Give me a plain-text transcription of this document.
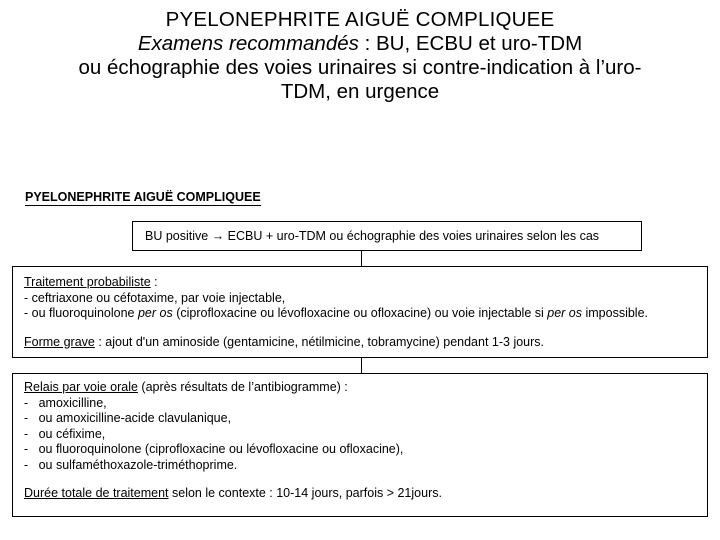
PYELONEPHRITE AIGUË COMPLIQUEE
Examens recommandés : BU, ECBU et uro-TDM
ou échographie des voies urinaires si contre-indication à l’uro-
TDM, en urgence
PYELONEPHRITE AIGUË COMPLIQUEE
BU positive → ECBU + uro-TDM ou échographie des voies urinaires selon les cas
Traitement probabiliste :
- ceftriaxone ou céfotaxime, par voie injectable,
- ou fluoroquinolone per os (ciprofloxacine ou lévofloxacine ou ofloxacine) ou voie injectable si per os impossible.
Forme grave : ajout d'un aminoside (gentamicine, nétilmicine, tobramycine) pendant 1-3 jours.
Relais par voie orale (après résultats de l’antibiogramme) :
-   amoxicilline,
-   ou amoxicilline-acide clavulanique,
-   ou céfixime,
-   ou fluoroquinolone (ciprofloxacine ou lévofloxacine ou ofloxacine),
-   ou sulfaméthoxazole-triméthoprime.
Durée totale de traitement selon le contexte : 10-14 jours, parfois > 21jours.
